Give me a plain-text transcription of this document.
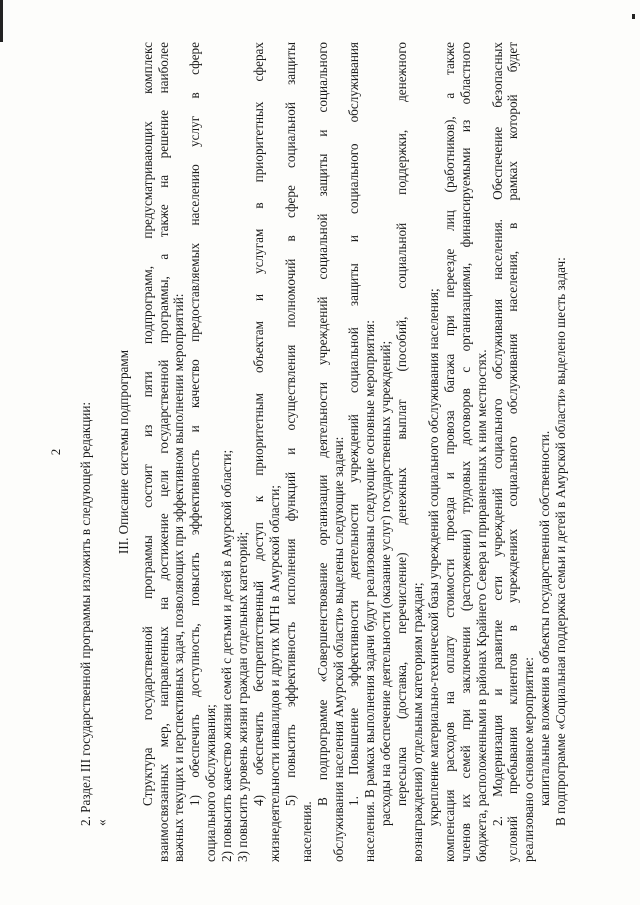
2 2. Раздел III государственной программы изложить в следующей редакции: «
III. Описание системы подпрограмм Структура государственной программы состоит из пяти подпрограмм, предусматривающих комплекс взаимосвязанных мер, направленных на достижение цели государственной программы, а также на решение наиболее важных текущих и перспективных задач, позволяющих при эффективном выполнении мероприятий: 1) обеспечить доступность, повысить эффективность и качество предоставляемых населению услуг в сфере социального обслуживания; 2) повысить качество жизни семей с детьми и детей в Амурской области; 3) повысить уровень жизни граждан отдельных категорий; 4) обеспечить беспрепятственный доступ к приоритетным объектам и услугам в приоритетных сферах жизнедеятельности инвалидов и других МГН в Амурской области; 5) повысить эффективность исполнения функций и осуществления полномочий в сфере социальной защиты
населения.
В подпрограмме «Совершенствование организации деятельности учреждений социальной защиты и социального обслуживания населения Амурской области» выделены следующие задачи: 1. Повышение эффективности деятельности учреждений социальной защиты и социального обслуживания населения. В рамках выполнения задачи будут реализованы следующие основные мероприятия: расходы на обеспечение деятельности (оказание услуг) государственных учреждений; пересылка (доставка, перечисление) денежных выплат (пособий, социальной поддержки, денежного вознаграждения) отдельным категориям граждан; укрепление материально-технической базы учреждений социального обслуживания населения; компенсация расходов на оплату стоимости проезда и провоза багажа при переезде лиц (работников), а также членов их семей при заключении (расторжении) трудовых договоров с организациями, финансируемыми из областного бюджета, расположенными в районах Крайнего Севера и приравненных к ним местностях. 2. Модернизация и развитие сети учреждений социального обслуживания населения. Обеспечение безопасных условий пребывания клиентов в учреждениях социального обслуживания населения, в рамках которой будет реализовано основное мероприятие: капитальные вложения в объекты государственной собственности. В подпрограмме «Социальная поддержка семьи и детей в Амурской области» выделено шесть задач:
